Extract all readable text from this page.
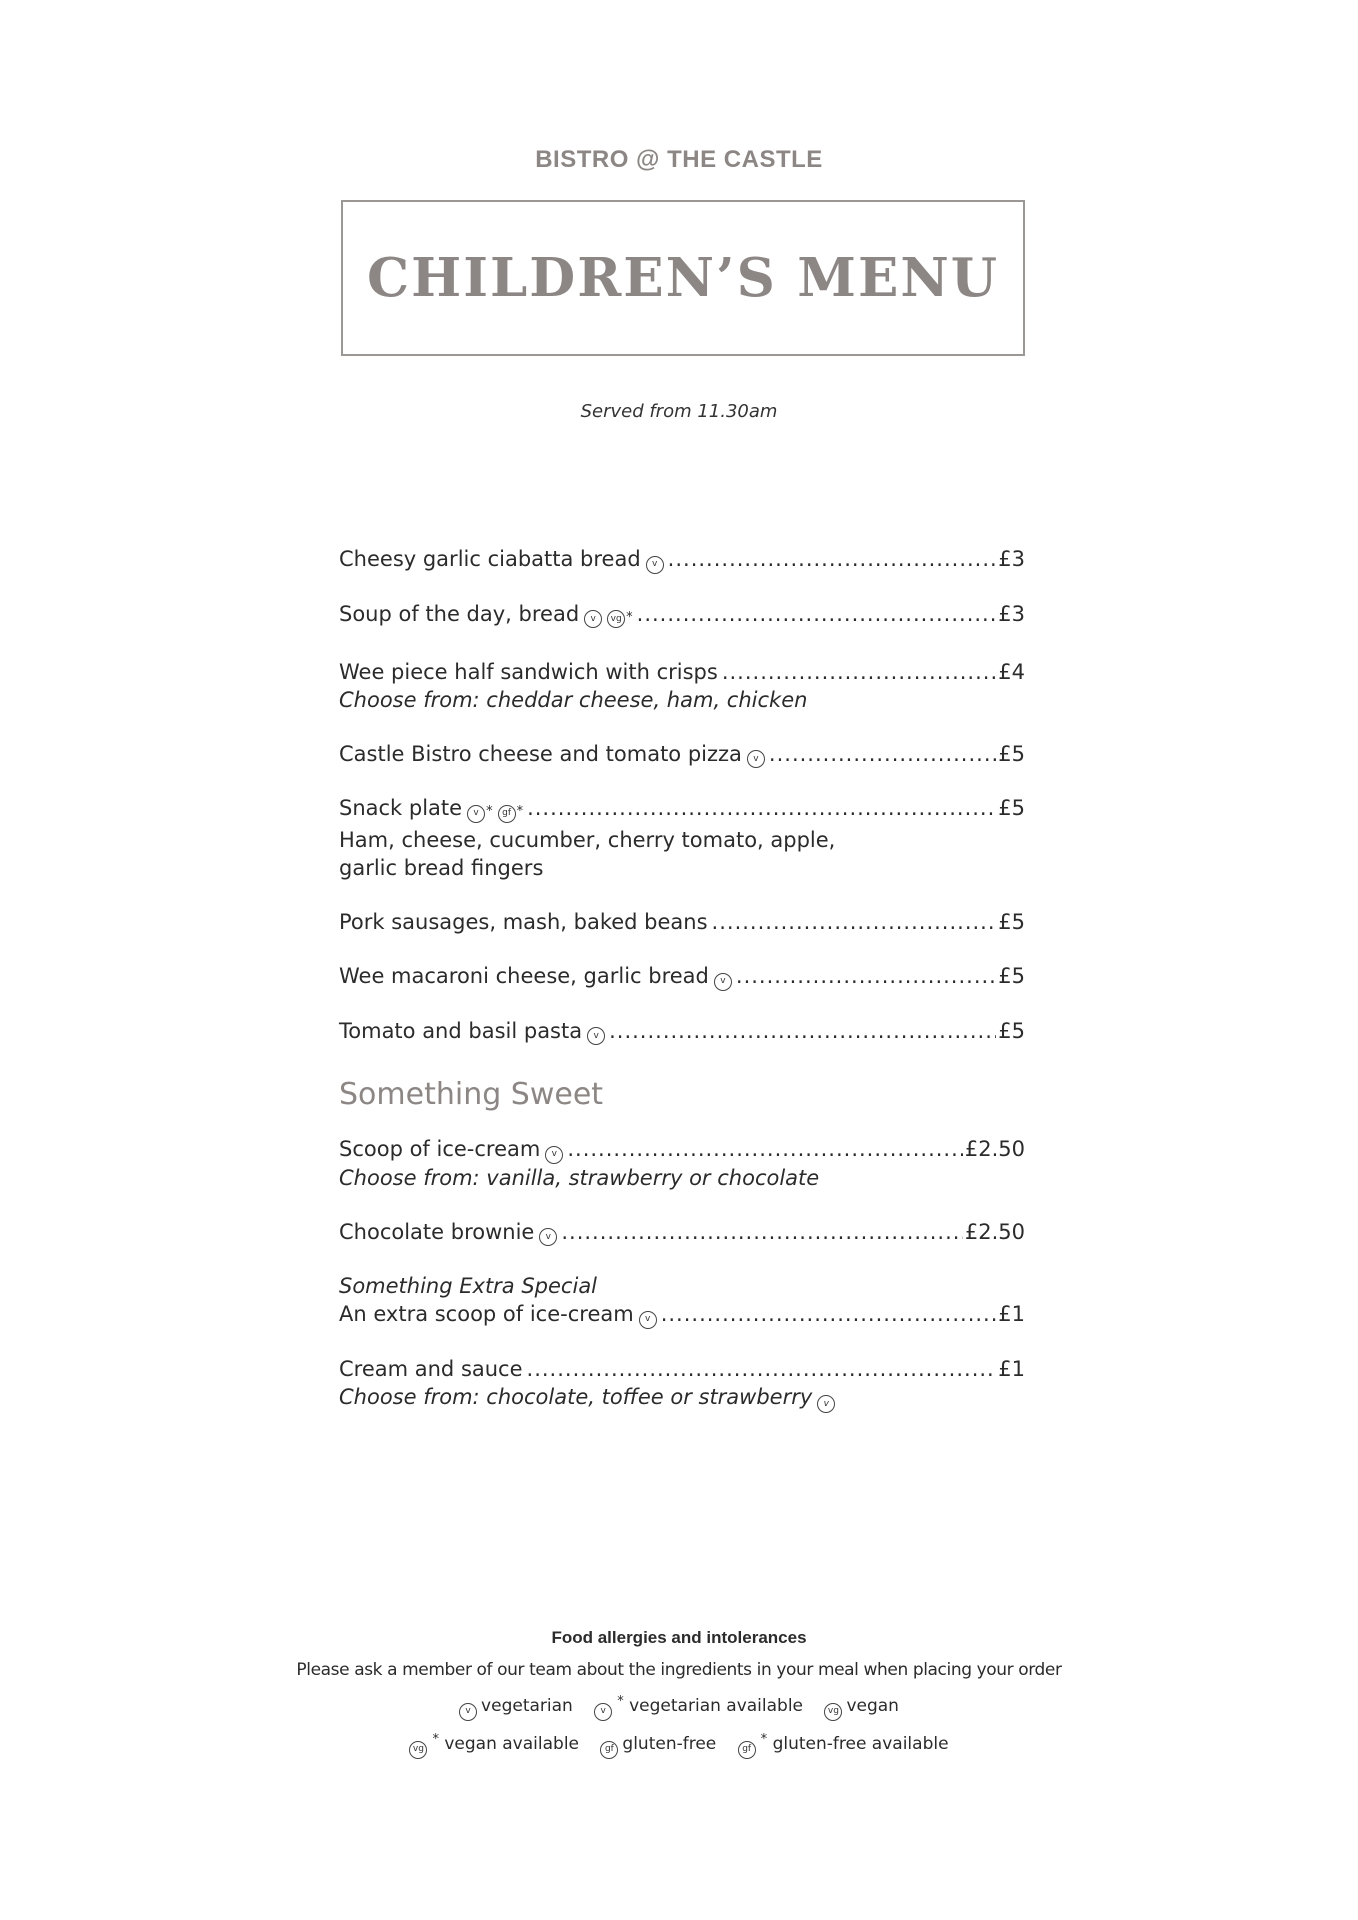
BISTRO @ THE CASTLE
CHILDREN’S MENU
Served from 11.30am
Cheesy garlic ciabatta bread	v .....	£3
Soup of the day, bread	v	vg * .....	£3
Wee piece half sandwich with crisps .....	£4
Choose from: cheddar cheese, ham, chicken
Castle Bistro cheese and tomato pizza	v .....	£5
Snack plate	v *	gf * .....	£5
Ham, cheese, cucumber, cherry tomato, apple,
garlic bread fingers
Pork sausages, mash, baked beans .....	£5
Wee macaroni cheese, garlic bread	v .....	£5
Tomato and basil pasta	v .....	£5
Something Sweet
Scoop of ice-cream	v .....	£2.50
Choose from: vanilla, strawberry or chocolate
Chocolate brownie	v .....	£2.50
Something Extra Special
An extra scoop of ice-cream	v .....	£1
Cream and sauce .....	£1
Choose from: chocolate, toffee or strawberry v
Food allergies and intolerances
Please ask a member of our team about the ingredients in your meal when placing your order
v vegetarian	v* vegetarian available	vg vegan
vg* vegan available	gf gluten-free	gf* gluten-free available
